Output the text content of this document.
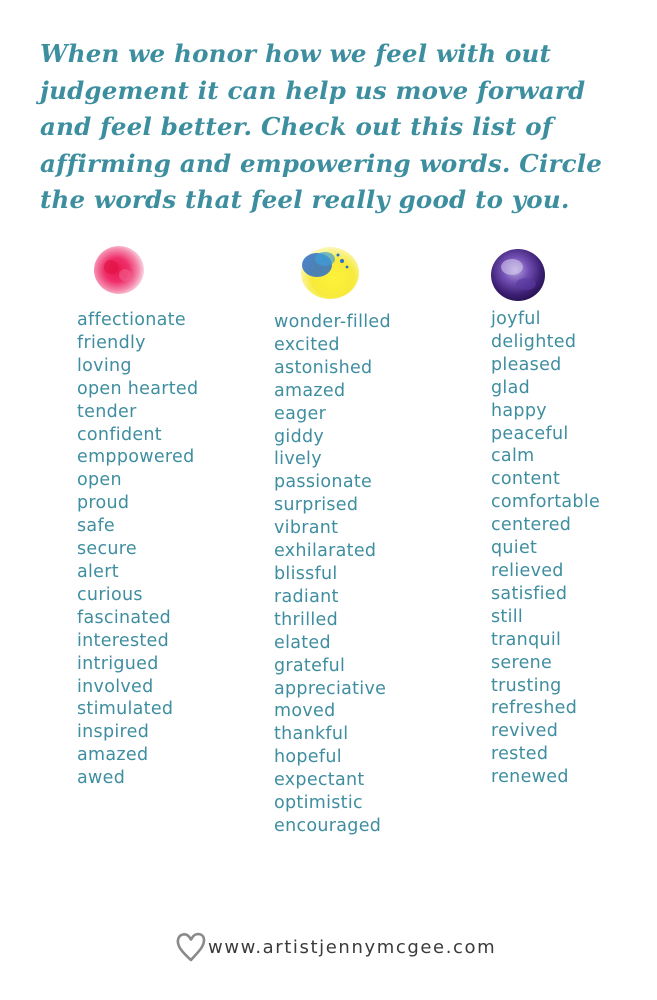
When we honor how we feel with out judgement it can help us move forward and feel better. Check out this list of affirming and empowering words. Circle the words that feel really good to you.

affectionate
friendly
loving
open hearted
tender
confident
emppowered
open
proud
safe
secure
alert
curious
fascinated
interested
intrigued
involved
stimulated
inspired
amazed
awed
wonder-filled
excited
astonished
amazed
eager
giddy
lively
passionate
surprised
vibrant
exhilarated
blissful
radiant
thrilled
elated
grateful
appreciative
moved
thankful
hopeful
expectant
optimistic
encouraged
joyful
delighted
pleased
glad
happy
peaceful
calm
content
comfortable
centered
quiet
relieved
satisfied
still
tranquil
serene
trusting
refreshed
revived
rested
renewed
www.artistjennymcgee.com
